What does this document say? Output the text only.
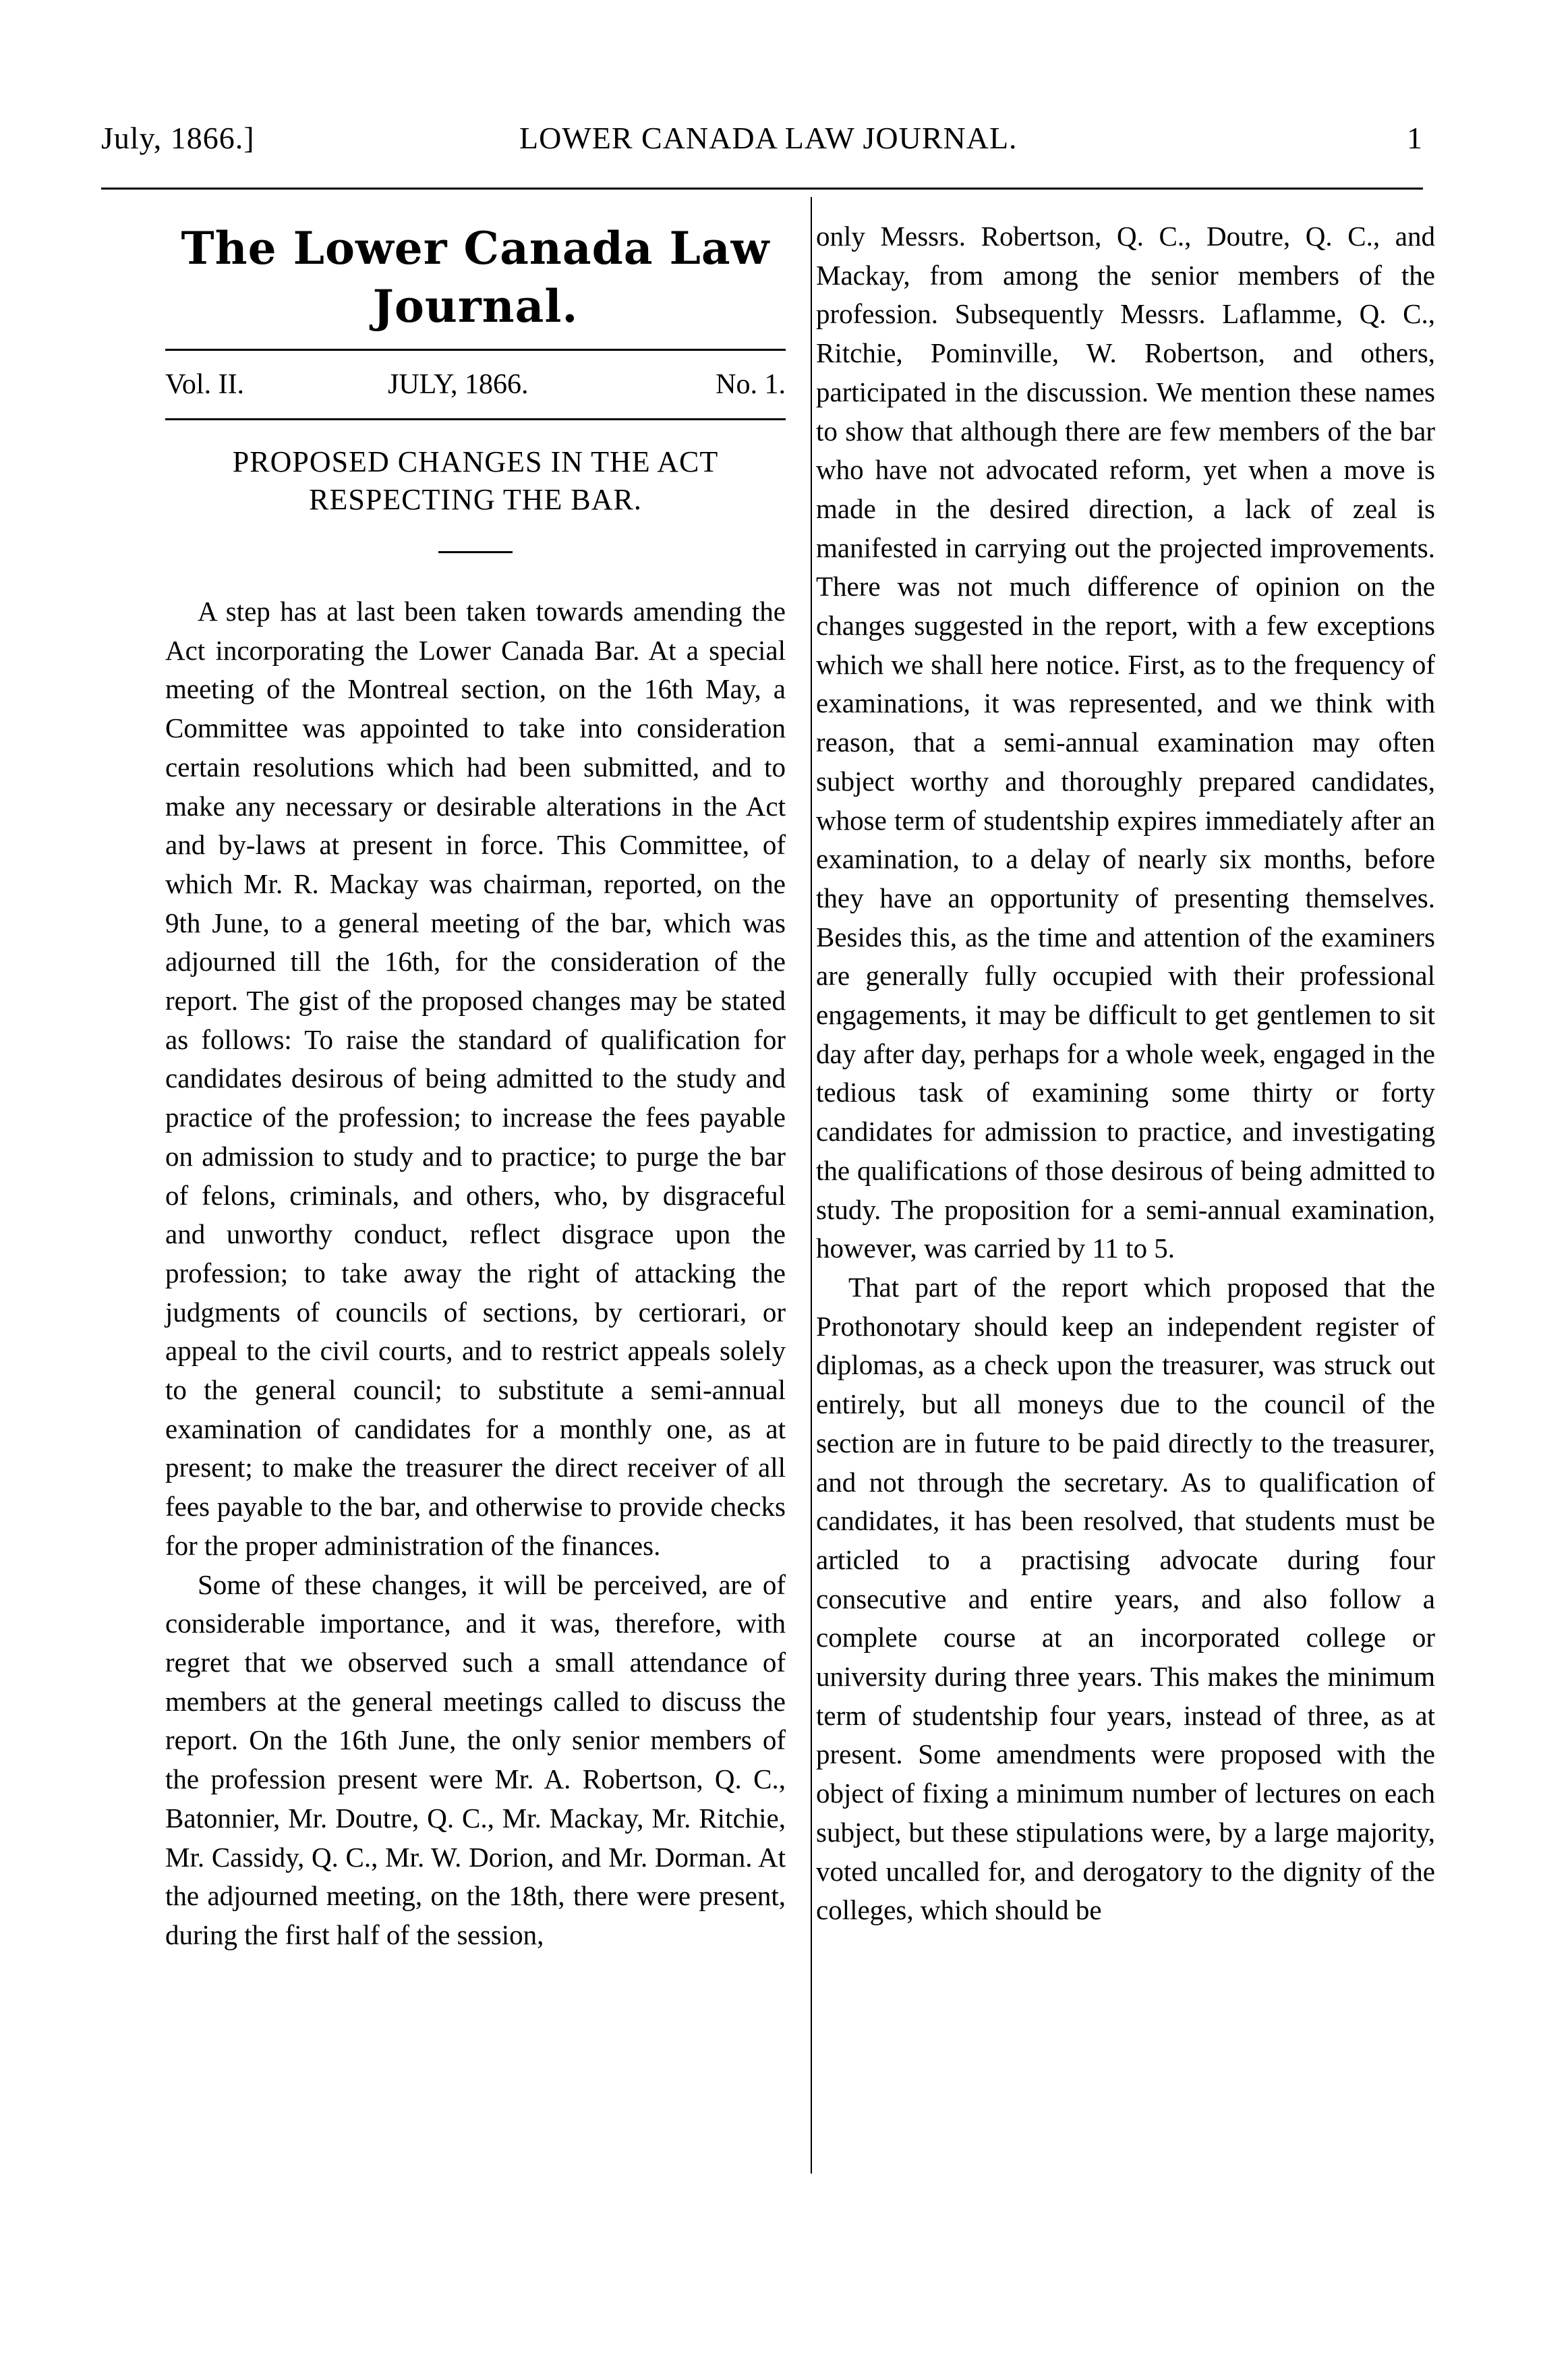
July, 1866.]	LOWER CANADA LAW JOURNAL.	1
The Lower Canada Law Journal.
Vol. II.	JULY, 1866.	No. 1.
PROPOSED CHANGES IN THE ACT
RESPECTING THE BAR.

A step has at last been taken towards amending the Act incorporating the Lower Canada Bar. At a special meeting of the Montreal section, on the 16th May, a Committee was appointed to take into consideration certain resolutions which had been submitted, and to make any necessary or desirable alterations in the Act and by-laws at present in force. This Committee, of which Mr. R. Mackay was chairman, reported, on the 9th June, to a general meeting of the bar, which was adjourned till the 16th, for the consideration of the report. The gist of the proposed changes may be stated as follows: To raise the standard of qualification for candidates desirous of being admitted to the study and practice of the profession; to increase the fees payable on admission to study and to practice; to purge the bar of felons, criminals, and others, who, by disgraceful and unworthy conduct, reflect disgrace upon the profession; to take away the right of attacking the judgments of councils of sections, by certiorari, or appeal to the civil courts, and to restrict appeals solely to the general council; to substitute a semi-annual examination of candidates for a monthly one, as at present; to make the treasurer the direct receiver of all fees payable to the bar, and otherwise to provide checks for the proper administration of the finances.

Some of these changes, it will be perceived, are of considerable importance, and it was, therefore, with regret that we observed such a small attendance of members at the general meetings called to discuss the report. On the 16th June, the only senior members of the profession present were Mr. A. Robertson, Q. C., Batonnier, Mr. Doutre, Q. C., Mr. Mackay, Mr. Ritchie, Mr. Cassidy, Q. C., Mr. W. Dorion, and Mr. Dorman. At the adjourned meeting, on the 18th, there were present, during the first half of the session,

only Messrs. Robertson, Q. C., Doutre, Q. C., and Mackay, from among the senior members of the profession. Subsequently Messrs. Laflamme, Q. C., Ritchie, Pominville, W. Robertson, and others, participated in the discussion. We mention these names to show that although there are few members of the bar who have not advocated reform, yet when a move is made in the desired direction, a lack of zeal is manifested in carrying out the projected improvements. There was not much difference of opinion on the changes suggested in the report, with a few exceptions which we shall here notice. First, as to the frequency of examinations, it was represented, and we think with reason, that a semi-annual examination may often subject worthy and thoroughly prepared candidates, whose term of studentship expires immediately after an examination, to a delay of nearly six months, before they have an opportunity of presenting themselves. Besides this, as the time and attention of the examiners are generally fully occupied with their professional engagements, it may be difficult to get gentlemen to sit day after day, perhaps for a whole week, engaged in the tedious task of examining some thirty or forty candidates for admission to practice, and investigating the qualifications of those desirous of being admitted to study. The proposition for a semi-annual examination, however, was carried by 11 to 5.

That part of the report which proposed that the Prothonotary should keep an independent register of diplomas, as a check upon the treasurer, was struck out entirely, but all moneys due to the council of the section are in future to be paid directly to the treasurer, and not through the secretary. As to qualification of candidates, it has been resolved, that students must be articled to a practising advocate during four consecutive and entire years, and also follow a complete course at an incorporated college or university during three years. This makes the minimum term of studentship four years, instead of three, as at present. Some amendments were proposed with the object of fixing a minimum number of lectures on each subject, but these stipulations were, by a large majority, voted uncalled for, and derogatory to the dignity of the colleges, which should be
